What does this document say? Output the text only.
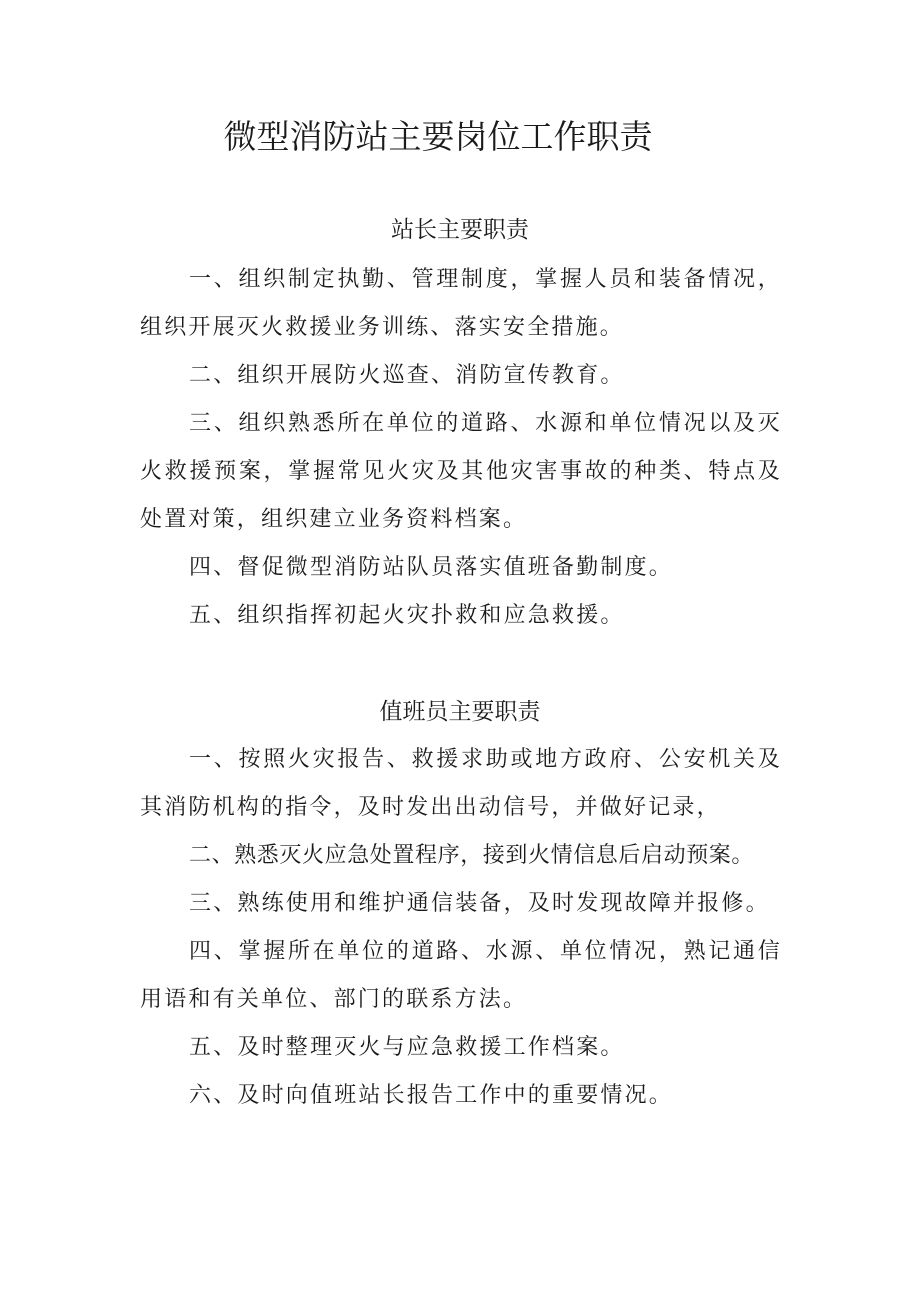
微型消防站主要岗位工作职责
站长主要职责

一、组织制定执勤、管理制度，掌握人员和装备情况，组织开展灭火救援业务训练、落实安全措施。

二、组织开展防火巡查、消防宣传教育。

三、组织熟悉所在单位的道路、水源和单位情况以及灭火救援预案，掌握常见火灾及其他灾害事故的种类、特点及处置对策，组织建立业务资料档案。

四、督促微型消防站队员落实值班备勤制度。

五、组织指挥初起火灾扑救和应急救援。

值班员主要职责

一、按照火灾报告、救援求助或地方政府、公安机关及其消防机构的指令，及时发出出动信号，并做好记录，

二、熟悉灭火应急处置程序，接到火情信息后启动预案。

三、熟练使用和维护通信装备，及时发现故障并报修。

四、掌握所在单位的道路、水源、单位情况，熟记通信用语和有关单位、部门的联系方法。

五、及时整理灭火与应急救援工作档案。

六、及时向值班站长报告工作中的重要情况。
